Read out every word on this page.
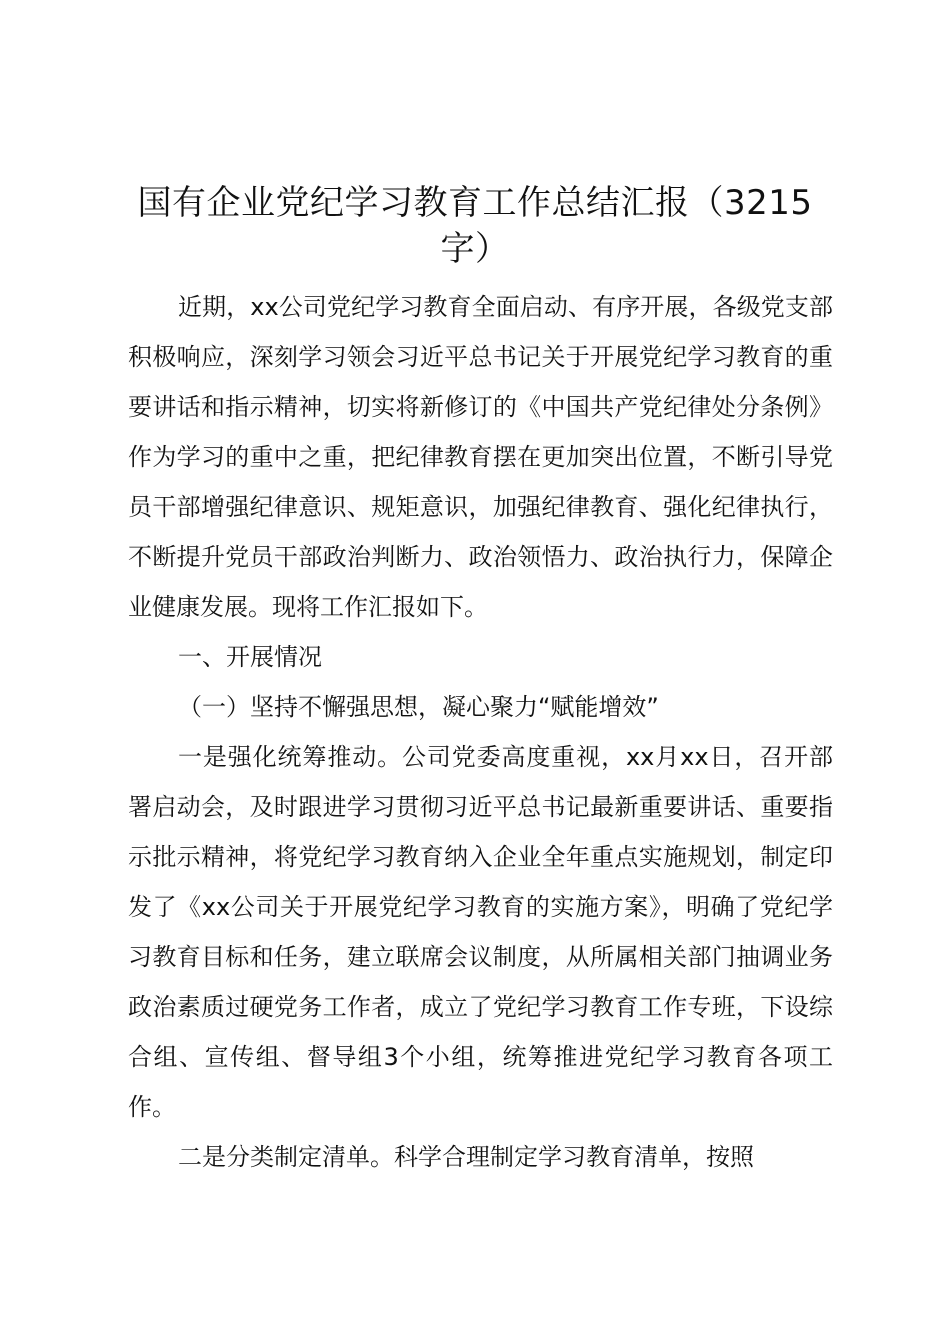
国有企业党纪学习教育工作总结汇报（3215字）

近期，xx公司党纪学习教育全面启动、有序开展，各级党支部积极响应，深刻学习领会习近平总书记关于开展党纪学习教育的重要讲话和指示精神，切实将新修订的《中国共产党纪律处分条例》作为学习的重中之重，把纪律教育摆在更加突出位置，不断引导党员干部增强纪律意识、规矩意识，加强纪律教育、强化纪律执行，不断提升党员干部政治判断力、政治领悟力、政治执行力，保障企业健康发展。现将工作汇报如下。

一、开展情况

（一）坚持不懈强思想，凝心聚力“赋能增效”

一是强化统筹推动。公司党委高度重视，xx月xx日，召开部署启动会，及时跟进学习贯彻习近平总书记最新重要讲话、重要指示批示精神，将党纪学习教育纳入企业全年重点实施规划，制定印发了《xx公司关于开展党纪学习教育的实施方案》，明确了党纪学习教育目标和任务，建立联席会议制度，从所属相关部门抽调业务政治素质过硬党务工作者，成立了党纪学习教育工作专班，下设综合组、宣传组、督导组3个小组，统筹推进党纪学习教育各项工作。

二是分类制定清单。科学合理制定学习教育清单，按照
